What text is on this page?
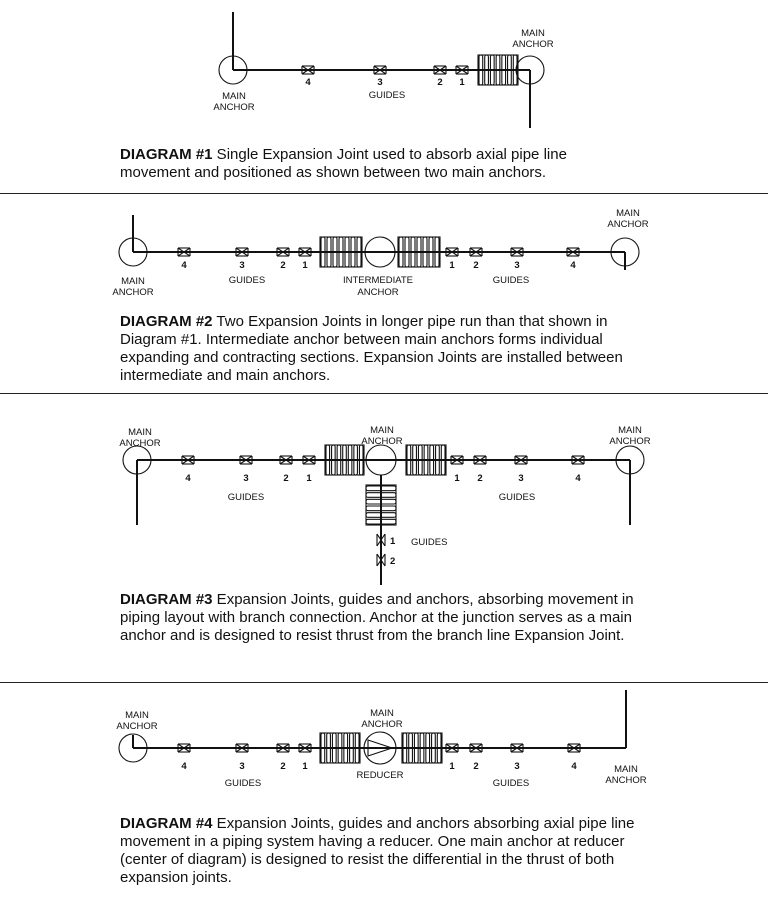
4	3	2 1
GUIDES
MAIN
ANCHOR
MAIN
ANCHOR
4	3	2 1	1 2	3	4
GUIDES	GUIDES
INTERMEDIATE
ANCHOR
MAIN
ANCHOR
MAIN
ANCHOR
4	3	2 1	1 2	3	4
1
2
GUIDES	GUIDES
GUIDES
MAIN
ANCHOR
MAIN
ANCHOR
MAIN
ANCHOR
4	3	2 1	1 2	3	4
GUIDES	GUIDES
REDUCER
MAIN
ANCHOR
MAIN
ANCHOR
MAIN
ANCHOR

DIAGRAM #1 Single Expansion Joint used to absorb axial pipe line movement and positioned as shown between two main anchors.

DIAGRAM #2 Two Expansion Joints in longer pipe run than that shown in Diagram #1. Intermediate anchor between main anchors forms individual expanding and contracting sections. Expansion Joints are installed between intermediate and main anchors.

DIAGRAM #3 Expansion Joints, guides and anchors, absorbing movement in piping layout with branch connection. Anchor at the junction serves as a main anchor and is designed to resist thrust from the branch line Expansion Joint.

DIAGRAM #4 Expansion Joints, guides and anchors absorbing axial pipe line movement in a piping system having a reducer. One main anchor at reducer (center of diagram) is designed to resist the differential in the thrust of both expansion joints.
